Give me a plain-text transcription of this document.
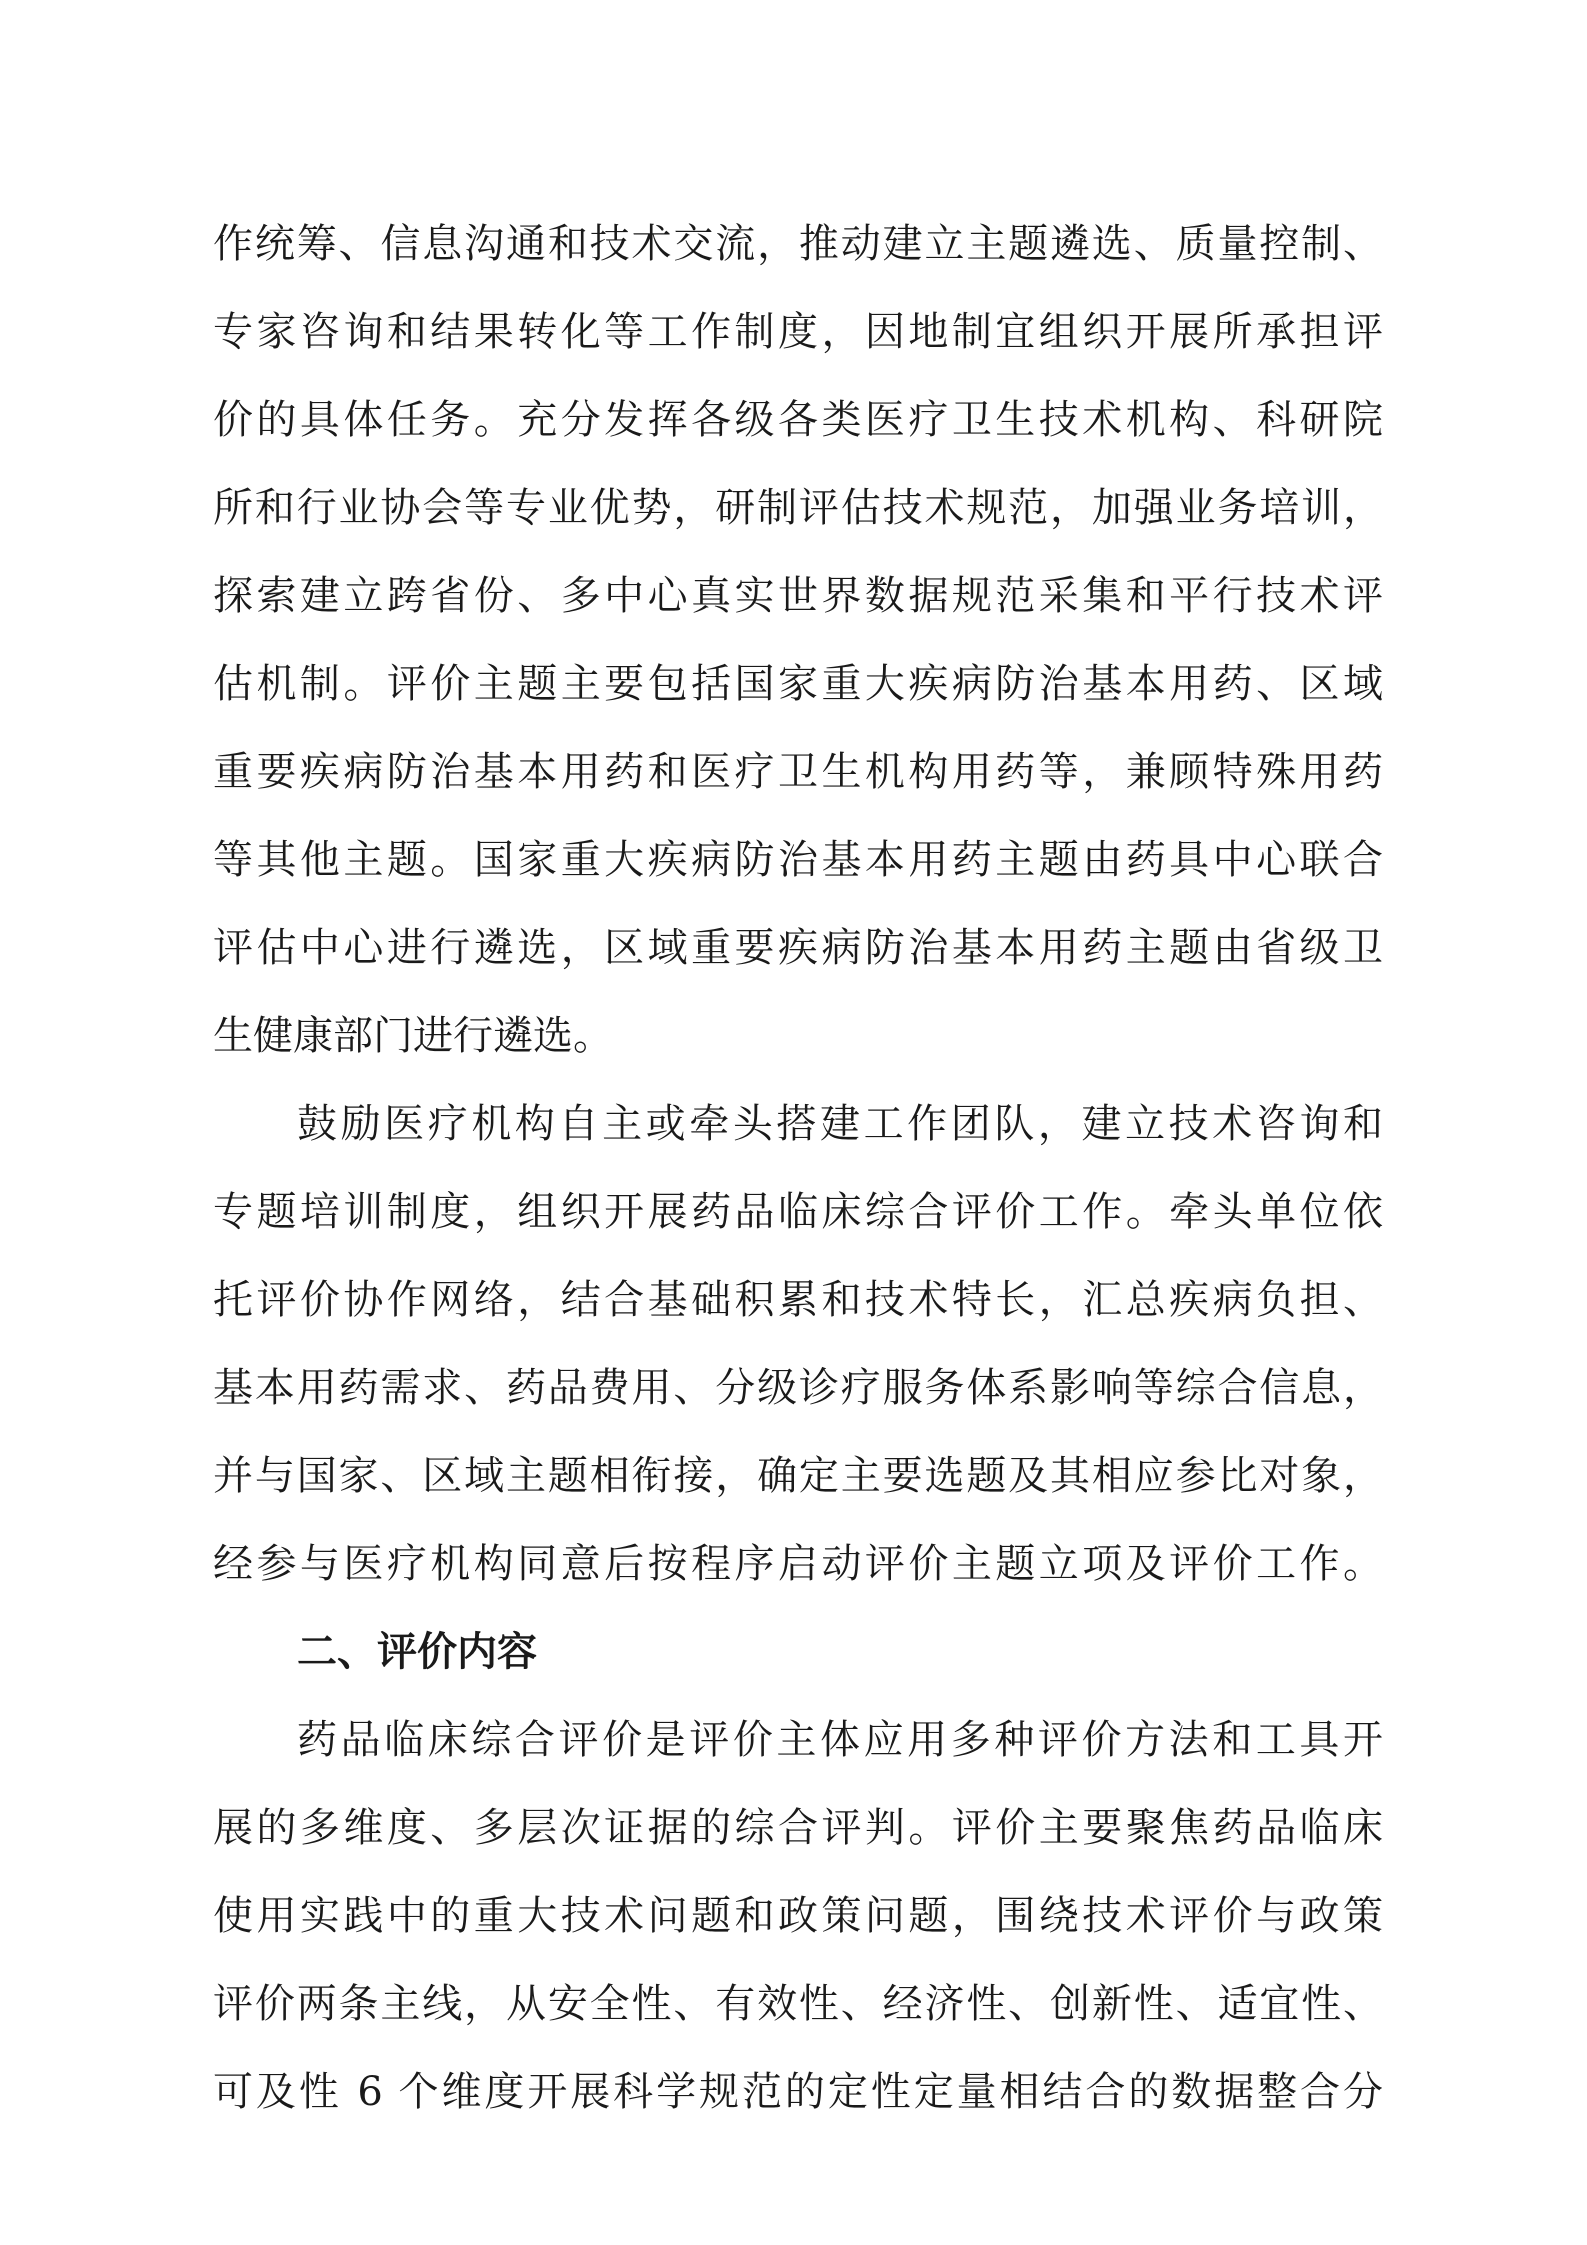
作统筹、信息沟通和技术交流，推动建立主题遴选、质量控制、
专家咨询和结果转化等工作制度，因地制宜组织开展所承担评
价的具体任务。充分发挥各级各类医疗卫生技术机构、科研院
所和行业协会等专业优势，研制评估技术规范，加强业务培训，
探索建立跨省份、多中心真实世界数据规范采集和平行技术评
估机制。评价主题主要包括国家重大疾病防治基本用药、区域
重要疾病防治基本用药和医疗卫生机构用药等，兼顾特殊用药
等其他主题。国家重大疾病防治基本用药主题由药具中心联合
评估中心进行遴选，区域重要疾病防治基本用药主题由省级卫
生健康部门进行遴选。
鼓励医疗机构自主或牵头搭建工作团队，建立技术咨询和
专题培训制度，组织开展药品临床综合评价工作。牵头单位依
托评价协作网络，结合基础积累和技术特长，汇总疾病负担、
基本用药需求、药品费用、分级诊疗服务体系影响等综合信息，
并与国家、区域主题相衔接，确定主要选题及其相应参比对象，
经参与医疗机构同意后按程序启动评价主题立项及评价工作。
二、评价内容
药品临床综合评价是评价主体应用多种评价方法和工具开
展的多维度、多层次证据的综合评判。评价主要聚焦药品临床
使用实践中的重大技术问题和政策问题，围绕技术评价与政策
评价两条主线，从安全性、有效性、经济性、创新性、适宜性、
可及性 6 个维度开展科学规范的定性定量相结合的数据整合分
